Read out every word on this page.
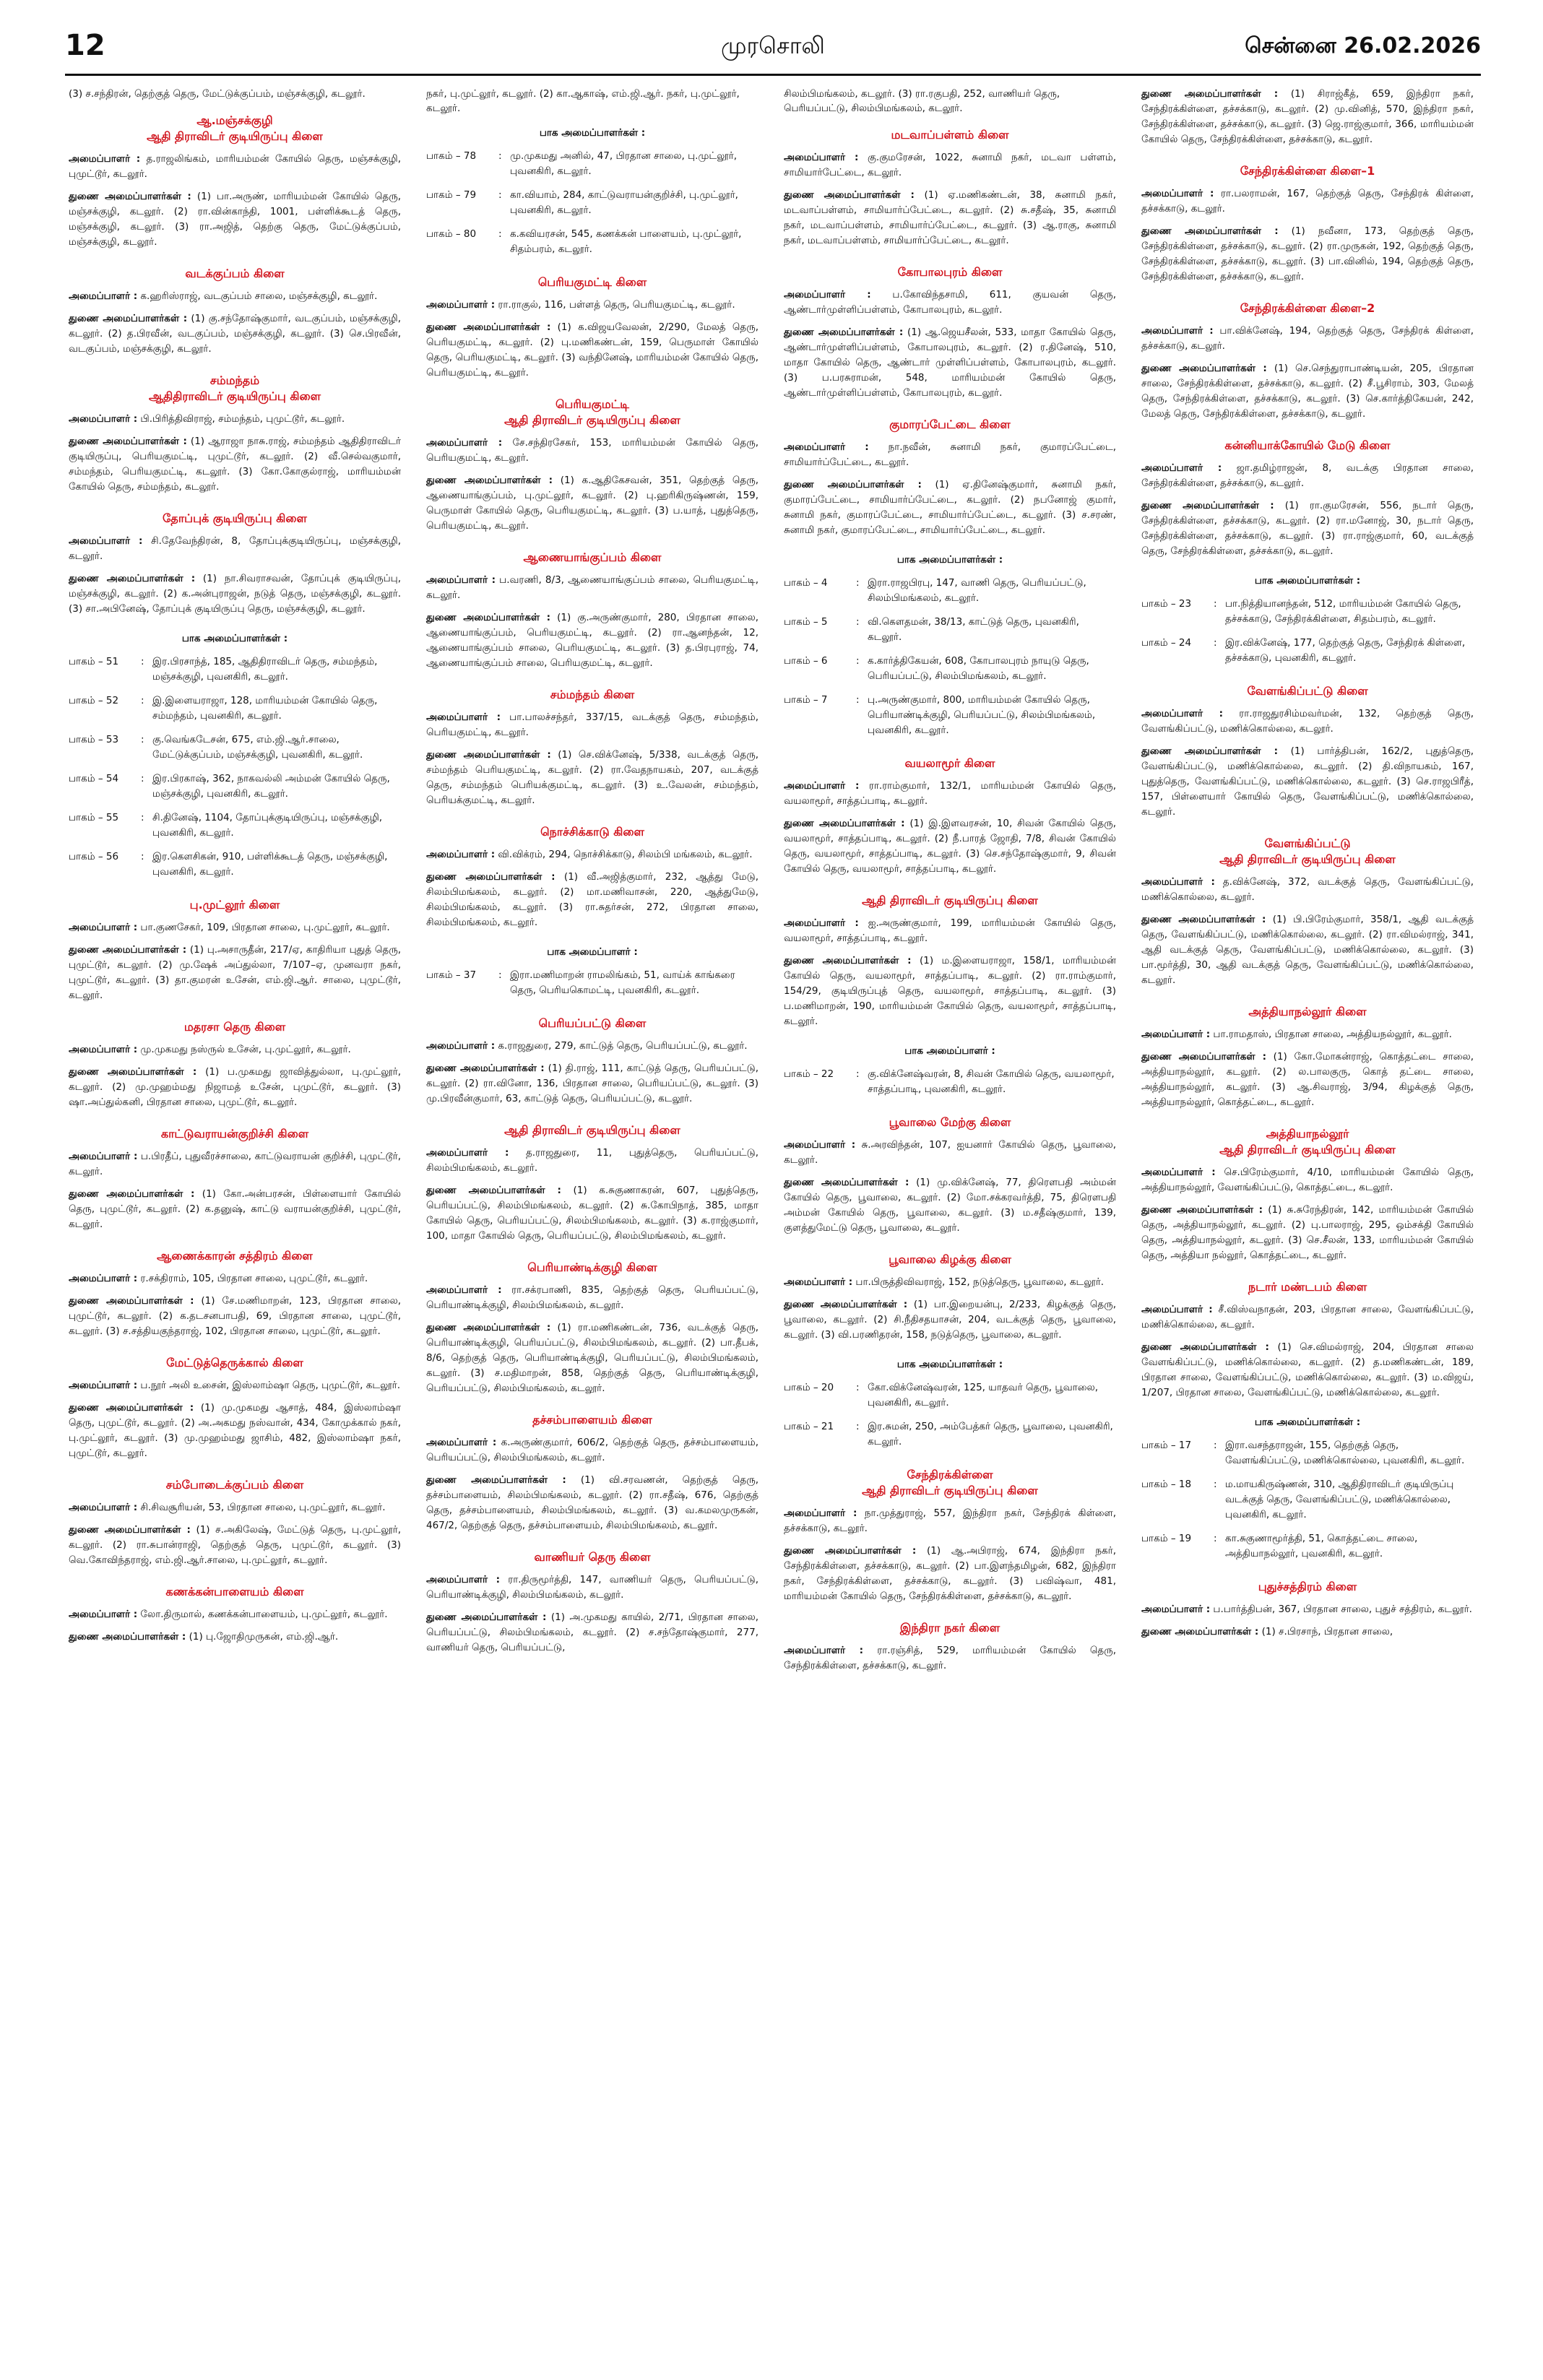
12	முரசொலி	சென்னை 26.02.2026
(3) ச.சந்திரன், தெற்குத் தெரு, மேட்டுக்குப்பம், மஞ்சக்குழி, கடலூர்.
ஆ.மஞ்சக்குழி
ஆதி திராவிடர் குடியிருப்பு கிளை
அமைப்பாளர் : த.ராஜலிங்கம், மாரியம்மன் கோயில் தெரு, மஞ்சக்குழி, புமுட்டூர், கடலூர்.
துணை அமைப்பாளர்கள் : (1) பா.அருண், மாரியம்மன் கோயில் தெரு, மஞ்சக்குழி, கடலூர். (2) ரா.வின்காந்தி, 1001, பள்ளிக்கூடத் தெரு, மஞ்சக்குழி, கடலூர். (3) ரா.அஜித், தெற்கு தெரு, மேட்டுக்குப்பம், மஞ்சக்குழி, கடலூர்.
வடக்குப்பம் கிளை
அமைப்பாளர் : க.ஹரிஸ்ராஜ், வடகுப்பம் சாலை, மஞ்சக்குழி, கடலூர்.
துணை அமைப்பாளர்கள் : (1) கு.சந்தோஷ்குமார், வடகுப்பம், மஞ்சக்குழி, கடலூர். (2) த.பிரவீன், வடகுப்பம், மஞ்சக்குழி, கடலூர். (3) செ.பிரவீன், வடகுப்பம், மஞ்சக்குழி, கடலூர்.
சம்மந்தம்
ஆதிதிராவிடர் குடியிருப்பு கிளை
அமைப்பாளர் : பி.பிரித்திவிராஜ், சம்மந்தம், புமுட்டூர், கடலூர்.
துணை அமைப்பாளர்கள் : (1) ஆராஜா நாசு.ராஜ், சம்மந்தம் ஆதிதிராவிடர் குடியிருப்பு, பெரியகுமட்டி, புமுட்டூர், கடலூர். (2) வீ.செல்வகுமார், சம்மந்தம், பெரியகுமட்டி, கடலூர். (3) கோ.கோகுல்ராஜ், மாரியம்மன் கோயில் தெரு, சம்மந்தம், கடலூர்.
தோப்புக் குடியிருப்பு கிளை
அமைப்பாளர் : சி.தேவேந்திரன், 8, தோப்புக்குடியிருப்பு, மஞ்சக்குழி, கடலூர்.
துணை அமைப்பாளர்கள் : (1) நா.சிவராசவன், தோப்புக் குடியிருப்பு, மஞ்சக்குழி, கடலூர். (2) க.அன்புராஜன், நடுத் தெரு, மஞ்சக்குழி, கடலூர். (3) சா.அபினேஷ், தோப்புக் குடியிருப்பு தெரு, மஞ்சக்குழி, கடலூர்.
பாக அமைப்பாளர்கள் :
பாகம் – 51	: இர.பிரசாந்த், 185, ஆதிதிராவிடர் தெரு, சம்மந்தம், மஞ்சக்குழி, புவனகிரி, கடலூர்.
பாகம் – 52	: இ.இளையராஜா, 128, மாரியம்மன் கோயில் தெரு, சம்மந்தம், புவனகிரி, கடலூர்.
பாகம் – 53	: கு.வெங்கடேசன், 675, எம்.ஜி.ஆர்.சாலை, மேட்டுக்குப்பம், மஞ்சக்குழி, புவனகிரி, கடலூர்.
பாகம் – 54	: இர.பிரகாஷ், 362, நாகவல்லி அம்மன் கோயில் தெரு, மஞ்சக்குழி, புவனகிரி, கடலூர்.
பாகம் – 55	: சி.தினேஷ், 1104, தோப்புக்குடியிருப்பு, மஞ்சக்குழி, புவனகிரி, கடலூர்.
பாகம் – 56	: இர.கௌசிகன், 910, பள்ளிக்கூடத் தெரு, மஞ்சக்குழி, புவனகிரி, கடலூர்.
பு.முட்லூர் கிளை
அமைப்பாளர் : பா.குணசேகர், 109, பிரதான சாலை, பு.முட்லூர், கடலூர்.
துணை அமைப்பாளர்கள் : (1) பு.அசாருதீன், 217/ஏ, காதிரியா புதுத் தெரு, புமுட்டூர், கடலூர். (2) மு.ஷேக் அப்துல்லா, 7/107–ஏ, முனவரா நகர், புமுட்டூர், கடலூர். (3) தா.குமரன் உசேன், எம்.ஜி.ஆர். சாலை, புமுட்டூர், கடலூர்.
மதரசா தெரு கிளை
அமைப்பாளர் : மு.முகமது நஸ்ருல் உசேன், பு.முட்லூர், கடலூர்.
துணை அமைப்பாளர்கள் : (1) ப.முகமது ஜாவித்துல்லா, பு.முட்லூர், கடலூர். (2) மு.முஹம்மது நிஜாமத் உசேன், புமுட்டூர், கடலூர். (3) ஷா.அப்துல்கனி, பிரதான சாலை, புமுட்டூர், கடலூர்.
காட்டுவராயன்குறிச்சி கிளை
அமைப்பாளர் : ப.பிரதீப், புதுவீரச்சாலை, காட்டுவராயன் குறிச்சி, புமுட்டூர், கடலூர்.
துணை அமைப்பாளர்கள் : (1) கோ.அன்பரசன், பிள்ளையார் கோயில் தெரு, புமுட்டூர், கடலூர். (2) க.தனுஷ், காட்டு வராயன்குறிச்சி, புமுட்டூர், கடலூர்.
ஆணைக்காரன் சத்திரம் கிளை
அமைப்பாளர் : ர.சக்திராம், 105, பிரதான சாலை, புமுட்டூர், கடலூர்.
துணை அமைப்பாளர்கள் : (1) சே.மணிமாறன், 123, பிரதான சாலை, புமுட்டூர், கடலூர். (2) க.தடசனபாபதி, 69, பிரதான சாலை, புமுட்டூர், கடலூர். (3) ச.சத்தியகுந்தராஜ், 102, பிரதான சாலை, புமுட்டூர், கடலூர்.
மேட்டுத்தெருக்கால் கிளை
அமைப்பாளர் : ப.நூர் அலி உசைன், இஸ்லாம்ஷா தெரு, புமுட்டூர், கடலூர்.
துணை அமைப்பாளர்கள் : (1) மு.முகமது ஆசாத், 484, இஸ்லாம்ஷா தெரு, புமுட்டூர், கடலூர். (2) அ.அகமது நஸ்வான், 434, கோமுக்கால் நகர், பு.முட்லூர், கடலூர். (3) மு.முஹம்மது ஜாசிம், 482, இஸ்லாம்ஷா நகர், புமுட்டூர், கடலூர்.
சம்போடைக்குப்பம் கிளை
அமைப்பாளர் : சி.சிவசூரியன், 53, பிரதான சாலை, பு.முட்லூர், கடலூர்.
துணை அமைப்பாளர்கள் : (1) ச.அகிலேஷ், மேட்டுத் தெரு, பு.முட்லூர், கடலூர். (2) ரா.சுபான்ராஜி, தெற்குத் தெரு, புமுட்டூர், கடலூர். (3) வெ.கோவிந்தராஜ், எம்.ஜி.ஆர்.சாலை, பு.முட்லூர், கடலூர்.
கணக்கன்பாளையம் கிளை
அமைப்பாளர் : லோ.திருமால், கணக்கன்பாளையம், பு.முட்லூர், கடலூர்.
துணை அமைப்பாளர்கள் : (1) பு.ஜோதிமுருகன், எம்.ஜி.ஆர்.
நகர், பு.முட்லூர், கடலூர். (2) கா.ஆகாஷ், எம்.ஜி.ஆர். நகர், பு.முட்லூர், கடலூர்.
பாக அமைப்பாளர்கள் :
பாகம் – 78	: மு.முகமது அனில், 47, பிரதான சாலை, பு.முட்லூர், புவனகிரி, கடலூர்.
பாகம் – 79	: கா.வியாம், 284, காட்டுவராயன்குறிச்சி, பு.முட்லூர், புவனகிரி, கடலூர்.
பாகம் – 80	: க.கவியரசன், 545, கணக்கன் பாளையம், பு.முட்லூர், சிதம்பரம், கடலூர்.
பெரியகுமட்டி கிளை
அமைப்பாளர் : ரா.ராகுல், 116, பள்ளத் தெரு, பெரியகுமட்டி, கடலூர்.
துணை அமைப்பாளர்கள் : (1) க.விஜயவேலன், 2/290, மேலத் தெரு, பெரியகுமட்டி, கடலூர். (2) பு.மணிகண்டன், 159, பெருமாள் கோயில் தெரு, பெரியகுமட்டி, கடலூர். (3) வந்தினேஷ், மாரியம்மன் கோயில் தெரு, பெரியகுமட்டி, கடலூர்.
பெரியகுமட்டி
ஆதி திராவிடர் குடியிருப்பு கிளை
அமைப்பாளர் : சே.சந்திரசேகர், 153, மாரியம்மன் கோயில் தெரு, பெரியகுமட்டி, கடலூர்.
துணை அமைப்பாளர்கள் : (1) க.ஆதிகேசவன், 351, தெற்குத் தெரு, ஆணையாங்குப்பம், பு.முட்லூர், கடலூர். (2) பு.ஹரிகிருஷ்ணன், 159, பெருமாள் கோயில் தெரு, பெரியகுமட்டி, கடலூர். (3) ப.யாத், புதுத்தெரு, பெரியகுமட்டி, கடலூர்.
ஆணையாங்குப்பம் கிளை
அமைப்பாளர் : ப.வரணி, 8/3, ஆணையாங்குப்பம் சாலை, பெரியகுமட்டி, கடலூர்.
துணை அமைப்பாளர்கள் : (1) கு.அருண்குமார், 280, பிரதான சாலை, ஆணையாங்குப்பம், பெரியகுமட்டி, கடலூர். (2) ரா.ஆனந்தன், 12, ஆணையாங்குப்பம் சாலை, பெரியகுமட்டி, கடலூர். (3) த.பிரபுராஜ், 74, ஆணையாங்குப்பம் சாலை, பெரியகுமட்டி, கடலூர்.
சம்மந்தம் கிளை
அமைப்பாளர் : பா.பாலச்சந்தர், 337/15, வடக்குத் தெரு, சம்மந்தம், பெரியகுமட்டி, கடலூர்.
துணை அமைப்பாளர்கள் : (1) செ.விக்னேஷ், 5/338, வடக்குத் தெரு, சம்மந்தம் பெரியகுமட்டி, கடலூர். (2) ரா.வேதநாயகம், 207, வடக்குத் தெரு, சம்மந்தம் பெரியக்குமட்டி, கடலூர். (3) உ.வேலன், சம்மந்தம், பெரியக்குமட்டி, கடலூர்.
நொச்சிக்காடு கிளை
அமைப்பாளர் : வி.விக்ரம், 294, நொச்சிக்காடு, சிலம்பி மங்கலம், கடலூர்.
துணை அமைப்பாளர்கள் : (1) வீ.அஜித்குமார், 232, ஆத்து மேடு, சிலம்பிமங்கலம், கடலூர். (2) மா.மணிவாசன், 220, ஆத்துமேடு, சிலம்பிமங்கலம், கடலூர். (3) ரா.சுதர்சன், 272, பிரதான சாலை, சிலம்பிமங்கலம், கடலூர்.
பாக அமைப்பாளர் :
பாகம் – 37	: இரா.மணிமாறன் ராமலிங்கம், 51, வாய்க் காங்கரை தெரு, பெரியகொமட்டி, புவனகிரி, கடலூர்.
பெரியப்பட்டு கிளை
அமைப்பாளர் : க.ராஜதுரை, 279, காட்டுத் தெரு, பெரியப்பட்டு, கடலூர்.
துணை அமைப்பாளர்கள் : (1) தி.ராஜ், 111, காட்டுத் தெரு, பெரியப்பட்டு, கடலூர். (2) ரா.வினோ, 136, பிரதான சாலை, பெரியப்பட்டு, கடலூர். (3) மு.பிரவீன்குமார், 63, காட்டுத் தெரு, பெரியப்பட்டு, கடலூர்.
ஆதி திராவிடர் குடியிருப்பு கிளை
அமைப்பாளர் : த.ராஜதுரை, 11, புதுத்தெரு, பெரியப்பட்டு, சிலம்பிமங்கலம், கடலூர்.
துணை அமைப்பாளர்கள் : (1) க.சுகுணாகரன், 607, புதுத்தெரு, பெரியப்பட்டு, சிலம்பிமங்கலம், கடலூர். (2) சு.கோபிநாத், 385, மாதா கோயில் தெரு, பெரியப்பட்டு, சிலம்பிமங்கலம், கடலூர். (3) க.ராஜ்குமார், 100, மாதா கோயில் தெரு, பெரியப்பட்டு, சிலம்பிமங்கலம், கடலூர்.
பெரியாண்டிக்குழி கிளை
அமைப்பாளர் : ரா.சக்ரபாணி, 835, தெற்குத் தெரு, பெரியப்பட்டு, பெரியாண்டிக்குழி, சிலம்பிமங்கலம், கடலூர்.
துணை அமைப்பாளர்கள் : (1) ரா.மணிகண்டன், 736, வடக்குத் தெரு, பெரியாண்டிக்குழி, பெரியப்பட்டு, சிலம்பிமங்கலம், கடலூர். (2) பா.தீபக், 8/6, தெற்குத் தெரு, பெரியாண்டிக்குழி, பெரியப்பட்டு, சிலம்பிமங்கலம், கடலூர். (3) ச.மதிமாறன், 858, தெற்குத் தெரு, பெரியாண்டிக்குழி, பெரியப்பட்டு, சிலம்பிமங்கலம், கடலூர்.
தச்சம்பாளையம் கிளை
அமைப்பாளர் : க.அருண்குமார், 606/2, தெற்குத் தெரு, தச்சம்பாளையம், பெரியப்பட்டு, சிலம்பிமங்கலம், கடலூர்.
துணை அமைப்பாளர்கள் : (1) வி.சரவணன், தெற்குத் தெரு, தச்சம்பாளையம், சிலம்பிமங்கலம், கடலூர். (2) ரா.சதீஷ், 676, தெற்குத் தெரு, தச்சம்பாளையம், சிலம்பிமங்கலம், கடலூர். (3) வ.கமலமுருகன், 467/2, தெற்குத் தெரு, தச்சம்பாளையம், சிலம்பிமங்கலம், கடலூர்.
வாணியர் தெரு கிளை
அமைப்பாளர் : ரா.திருமூர்த்தி, 147, வாணியர் தெரு, பெரியப்பட்டு, பெரியாண்டிக்குழி, சிலம்பிமங்கலம், கடலூர்.
துணை அமைப்பாளர்கள் : (1) அ.முகமது காயில், 2/71, பிரதான சாலை, பெரியப்பட்டு, சிலம்பிமங்கலம், கடலூர். (2) ச.சந்தோஷ்குமார், 277, வாணியர் தெரு, பெரியப்பட்டு,
சிலம்பிமங்கலம், கடலூர். (3) ரா.ரகுபதி, 252, வாணியர் தெரு, பெரியப்பட்டு, சிலம்பிமங்கலம், கடலூர்.
மடவாப்பள்ளம் கிளை
அமைப்பாளர் : கு.குமரேசன், 1022, சுனாமி நகர், மடவா பள்ளம், சாமியார்பேட்டை, கடலூர்.
துணை அமைப்பாளர்கள் : (1) ஏ.மணிகண்டன், 38, சுனாமி நகர், மடவாப்பள்ளம், சாமியார்ப்பேட்டை, கடலூர். (2) சு.சதீஷ், 35, சுனாமி நகர், மடவாப்பள்ளம், சாமியார்ப்பேட்டை, கடலூர். (3) ஆ.ராகு, சுனாமி நகர், மடவாப்பள்ளம், சாமியார்ப்பேட்டை, கடலூர்.
கோபாலபுரம் கிளை
அமைப்பாளர் : ப.கோவிந்தசாமி, 611, குயவன் தெரு, ஆண்டார்முள்ளிப்பள்ளம், கோபாலபுரம், கடலூர்.
துணை அமைப்பாளர்கள் : (1) ஆ.ஜெயசீலன், 533, மாதா கோயில் தெரு, ஆண்டார்முள்ளிப்பள்ளம், கோபாலபுரம், கடலூர். (2) ர.தினேஷ், 510, மாதா கோயில் தெரு, ஆண்டார் முள்ளிப்பள்ளம், கோபாலபுரம், கடலூர். (3) ப.பரசுராமன், 548, மாரியம்மன் கோயில் தெரு, ஆண்டார்முள்ளிப்பள்ளம், கோபாலபுரம், கடலூர்.
குமாரப்பேட்டை கிளை
அமைப்பாளர் : நா.நவீன், சுனாமி நகர், குமாரப்பேட்டை, சாமியார்ப்பேட்டை, கடலூர்.
துணை அமைப்பாளர்கள் : (1) ஏ.தினேஷ்குமார், சுனாமி நகர், குமாரப்பேட்டை, சாமியார்ப்பேட்டை, கடலூர். (2) நபனோஜ் குமார், சுனாமி நகர், குமாரப்பேட்டை, சாமியார்ப்பேட்டை, கடலூர். (3) ச.சரண், சுனாமி நகர், குமாரப்பேட்டை, சாமியார்ப்பேட்டை, கடலூர்.
பாக அமைப்பாளர்கள் :
பாகம் – 4	: இரா.ராஜபிரபு, 147, வாணி தெரு, பெரியப்பட்டு, சிலம்பிமங்கலம், கடலூர்.
பாகம் – 5	: வி.கௌதமன், 38/13, காட்டுத் தெரு, புவனகிரி, கடலூர்.
பாகம் – 6	: க.கார்த்திகேயன், 608, கோபாலபுரம் நாயுடு தெரு, பெரியப்பட்டு, சிலம்பிமங்கலம், கடலூர்.
பாகம் – 7	: பு.அருண்குமார், 800, மாரியம்மன் கோயில் தெரு, பெரியாண்டிக்குழி, பெரியப்பட்டு, சிலம்பிமங்கலம், புவனகிரி, கடலூர்.
வயலாமூர் கிளை
அமைப்பாளர் : ரா.ராம்குமார், 132/1, மாரியம்மன் கோயில் தெரு, வயலாமூர், சாத்தப்பாடி, கடலூர்.
துணை அமைப்பாளர்கள் : (1) இ.இளவரசன், 10, சிவன் கோயில் தெரு, வயலாமூர், சாத்தப்பாடி, கடலூர். (2) நீ.பாரத் ஜோதி, 7/8, சிவன் கோயில் தெரு, வயலாமூர், சாத்தப்பாடி, கடலூர். (3) செ.சந்தோஷ்குமார், 9, சிவன் கோயில் தெரு, வயலாமூர், சாத்தப்பாடி, கடலூர்.
ஆதி திராவிடர் குடியிருப்பு கிளை
அமைப்பாளர் : ஐ.அருண்குமார், 199, மாரியம்மன் கோயில் தெரு, வயலாமூர், சாத்தப்பாடி, கடலூர்.
துணை அமைப்பாளர்கள் : (1) ம.இளையராஜா, 158/1, மாரியம்மன் கோயில் தெரு, வயலாமூர், சாத்தப்பாடி, கடலூர். (2) ரா.ராம்குமார், 154/29, குடியிருப்புத் தெரு, வயலாமூர், சாத்தப்பாடி, கடலூர். (3) ப.மணிமாறன், 190, மாரியம்மன் கோயில் தெரு, வயலாமூர், சாத்தப்பாடி, கடலூர்.
பாக அமைப்பாளர் :
பாகம் – 22	: கு.விக்னேஷ்வரன், 8, சிவன் கோயில் தெரு, வயலாமூர், சாத்தப்பாடி, புவனகிரி, கடலூர்.
பூவாலை மேற்கு கிளை
அமைப்பாளர் : சு.அரவிந்தன், 107, ஐயனார் கோயில் தெரு, பூவாலை, கடலூர்.
துணை அமைப்பாளர்கள் : (1) மு.விக்னேஷ், 77, திரௌபதி அம்மன் கோயில் தெரு, பூவாலை, கடலூர். (2) மோ.சக்கரவர்த்தி, 75, திரௌபதி அம்மன் கோயில் தெரு, பூவாலை, கடலூர். (3) ம.சதீஷ்குமார், 139, குளத்துமேட்டு தெரு, பூவாலை, கடலூர்.
பூவாலை கிழக்கு கிளை
அமைப்பாளர் : பா.பிருத்திவிவராஜ், 152, நடுத்தெரு, பூவாலை, கடலூர்.
துணை அமைப்பாளர்கள் : (1) பா.இறையன்பு, 2/233, கிழக்குத் தெரு, பூவாலை, கடலூர். (2) சி.நீதிசதயாசன், 204, வடக்குத் தெரு, பூவாலை, கடலூர். (3) வி.பரணிதரன், 158, நடுத்தெரு, பூவாலை, கடலூர்.
பாக அமைப்பாளர்கள் :
பாகம் – 20	: கோ.விக்னேஷ்வரன், 125, யாதவர் தெரு, பூவாலை, புவனகிரி, கடலூர்.
பாகம் – 21	: இர.சுமன், 250, அம்பேத்கர் தெரு, பூவாலை, புவனகிரி, கடலூர்.
சேந்திரக்கிள்ளை
ஆதி திராவிடர் குடியிருப்பு கிளை
அமைப்பாளர் : நா.முத்துராஜ், 557, இந்திரா நகர், சேந்திரக் கிள்ளை, தச்சக்காடு, கடலூர்.
துணை அமைப்பாளர்கள் : (1) ஆ.அபிராஜ், 674, இந்திரா நகர், சேந்திரக்கிள்ளை, தச்சக்காடு, கடலூர். (2) பா.இளந்தமிழன், 682, இந்திரா நகர், சேந்திரக்கிள்ளை, தச்சக்காடு, கடலூர். (3) பவிஷ்வா, 481, மாரியம்மன் கோயில் தெரு, சேந்திரக்கிள்ளை, தச்சக்காடு, கடலூர்.
இந்திரா நகர் கிளை
அமைப்பாளர் : ரா.ரஞ்சித், 529, மாரியம்மன் கோயில் தெரு, சேந்திரக்கிள்ளை, தச்சக்காடு, கடலூர்.
துணை அமைப்பாளர்கள் : (1) சிராஜ்கீத், 659, இந்திரா நகர், சேந்திரக்கிள்ளை, தச்சக்காடு, கடலூர். (2) மு.வினித், 570, இந்திரா நகர், சேந்திரக்கிள்ளை, தச்சக்காடு, கடலூர். (3) ஜெ.ராஜ்குமார், 366, மாரியம்மன் கோயில் தெரு, சேந்திரக்கிள்ளை, தச்சக்காடு, கடலூர்.
சேந்திரக்கிள்ளை கிளை–1
அமைப்பாளர் : ரா.பலராமன், 167, தெற்குத் தெரு, சேந்திரக் கிள்ளை, தச்சக்காடு, கடலூர்.
துணை அமைப்பாளர்கள் : (1) நவீனா, 173, தெற்குத் தெரு, சேந்திரக்கிள்ளை, தச்சக்காடு, கடலூர். (2) ரா.முருகன், 192, தெற்குத் தெரு, சேந்திரக்கிள்ளை, தச்சக்காடு, கடலூர். (3) பா.வினில், 194, தெற்குத் தெரு, சேந்திரக்கிள்ளை, தச்சக்காடு, கடலூர்.
சேந்திரக்கிள்ளை கிளை–2
அமைப்பாளர் : பா.விக்னேஷ், 194, தெற்குத் தெரு, சேந்திரக் கிள்ளை, தச்சக்காடு, கடலூர்.
துணை அமைப்பாளர்கள் : (1) செ.செந்துராபாண்டியன், 205, பிரதான சாலை, சேந்திரக்கிள்ளை, தச்சக்காடு, கடலூர். (2) சீ.பூசிராம், 303, மேலத் தெரு, சேந்திரக்கிள்ளை, தச்சக்காடு, கடலூர். (3) செ.கார்த்திகேயன், 242, மேலத் தெரு, சேந்திரக்கிள்ளை, தச்சக்காடு, கடலூர்.
கன்னியாக்கோயில் மேடு கிளை
அமைப்பாளர் : ஜா.தமிழ்ராஜன், 8, வடக்கு பிரதான சாலை, சேந்திரக்கிள்ளை, தச்சக்காடு, கடலூர்.
துணை அமைப்பாளர்கள் : (1) ரா.குமரேசன், 556, நடார் தெரு, சேந்திரக்கிள்ளை, தச்சக்காடு, கடலூர். (2) ரா.மனோஜ், 30, நடார் தெரு, சேந்திரக்கிள்ளை, தச்சக்காடு, கடலூர். (3) ரா.ராஜ்குமார், 60, வடக்குத் தெரு, சேந்திரக்கிள்ளை, தச்சக்காடு, கடலூர்.
பாக அமைப்பாளர்கள் :
பாகம் – 23	: பா.நித்தியானந்தன், 512, மாரியம்மன் கோயில் தெரு, தச்சக்காடு, சேந்திரக்கிள்ளை, சிதம்பரம், கடலூர்.
பாகம் – 24	: இர.விக்னேஷ், 177, தெற்குத் தெரு, சேந்திரக் கிள்ளை, தச்சக்காடு, புவனகிரி, கடலூர்.
வேளங்கிப்பட்டு கிளை
அமைப்பாளர் : ரா.ராஜதுரசிம்மவர்மன், 132, தெற்குத் தெரு, வேளங்கிப்பட்டு, மணிக்கொல்லை, கடலூர்.
துணை அமைப்பாளர்கள் : (1) பார்த்திபன், 162/2, புதுத்தெரு, வேளங்கிப்பட்டு, மணிக்கொல்லை, கடலூர். (2) தி.விநாயகம், 167, புதுத்தெரு, வேளங்கிப்பட்டு, மணிக்கொல்லை, கடலூர். (3) செ.ராஜபிரீத், 157, பிள்ளையார் கோயில் தெரு, வேளங்கிப்பட்டு, மணிக்கொல்லை, கடலூர்.
வேளங்கிப்பட்டு
ஆதி திராவிடர் குடியிருப்பு கிளை
அமைப்பாளர் : த.விக்னேஷ், 372, வடக்குத் தெரு, வேளங்கிப்பட்டு, மணிக்கொல்லை, கடலூர்.
துணை அமைப்பாளர்கள் : (1) பி.பிரேம்குமார், 358/1, ஆதி வடக்குத் தெரு, வேளங்கிப்பட்டு, மணிக்கொல்லை, கடலூர். (2) ரா.விமல்ராஜ், 341, ஆதி வடக்குத் தெரு, வேளங்கிப்பட்டு, மணிக்கொல்லை, கடலூர். (3) பா.மூர்த்தி, 30, ஆதி வடக்குத் தெரு, வேளங்கிப்பட்டு, மணிக்கொல்லை, கடலூர்.
அத்தியாநல்லூர் கிளை
அமைப்பாளர் : பா.ராமதாஸ், பிரதான சாலை, அத்தியநல்லூர், கடலூர்.
துணை அமைப்பாளர்கள் : (1) கோ.மோகன்ராஜ், கொத்தட்டை சாலை, அத்தியாநல்லூர், கடலூர். (2) ல.பாலகுரு, கொத் தட்டை சாலை, அத்தியாநல்லூர், கடலூர். (3) ஆ.சிவராஜ், 3/94, கிழக்குத் தெரு, அத்தியாநல்லூர், கொத்தட்டை, கடலூர்.
அத்தியாநல்லூர்
ஆதி திராவிடர் குடியிருப்பு கிளை
அமைப்பாளர் : செ.பிரேம்குமார், 4/10, மாரியம்மன் கோயில் தெரு, அத்தியாநல்லூர், வேளங்கிப்பட்டு, கொத்தட்டை, கடலூர்.
துணை அமைப்பாளர்கள் : (1) சு.சுரேந்திரன், 142, மாரியம்மன் கோயில் தெரு, அத்தியாநல்லூர், கடலூர். (2) பு.பாலராஜ், 295, ஒம்சக்தி கோயில் தெரு, அத்தியாநல்லூர், கடலூர். (3) செ.சீலன், 133, மாரியம்மன் கோயில் தெரு, அத்தியா நல்லூர், கொத்தட்டை, கடலூர்.
நடார் மண்டபம் கிளை
அமைப்பாளர் : சீ.விஸ்வநாதன், 203, பிரதான சாலை, வேளங்கிப்பட்டு, மணிக்கொல்லை, கடலூர்.
துணை அமைப்பாளர்கள் : (1) செ.விமல்ராஜ், 204, பிரதான சாலை வேளங்கிப்பட்டு, மணிக்கொல்லை, கடலூர். (2) த.மணிகண்டன், 189, பிரதான சாலை, வேளங்கிப்பட்டு, மணிக்கொல்லை, கடலூர். (3) ம.விஜய், 1/207, பிரதான சாலை, வேளங்கிப்பட்டு, மணிக்கொல்லை, கடலூர்.
பாக அமைப்பாளர்கள் :
பாகம் – 17	: இரா.வசந்தராஜன், 155, தெற்குத் தெரு, வேளங்கிப்பட்டு, மணிக்கொல்லை, புவனகிரி, கடலூர்.
பாகம் – 18	: ம.மாயகிருஷ்ணன், 310, ஆதிதிராவிடர் குடியிருப்பு வடக்குத் தெரு, வேளங்கிப்பட்டு, மணிக்கொல்லை, புவனகிரி, கடலூர்.
பாகம் – 19	: கா.சுகுணாமூர்த்தி, 51, கொத்தட்டை சாலை, அத்தியாநல்லூர், புவனகிரி, கடலூர்.
புதுச்சத்திரம் கிளை
அமைப்பாளர் : ப.பார்த்திபன், 367, பிரதான சாலை, புதுச் சத்திரம், கடலூர்.
துணை அமைப்பாளர்கள் : (1) ச.பிரசாந், பிரதான சாலை,
